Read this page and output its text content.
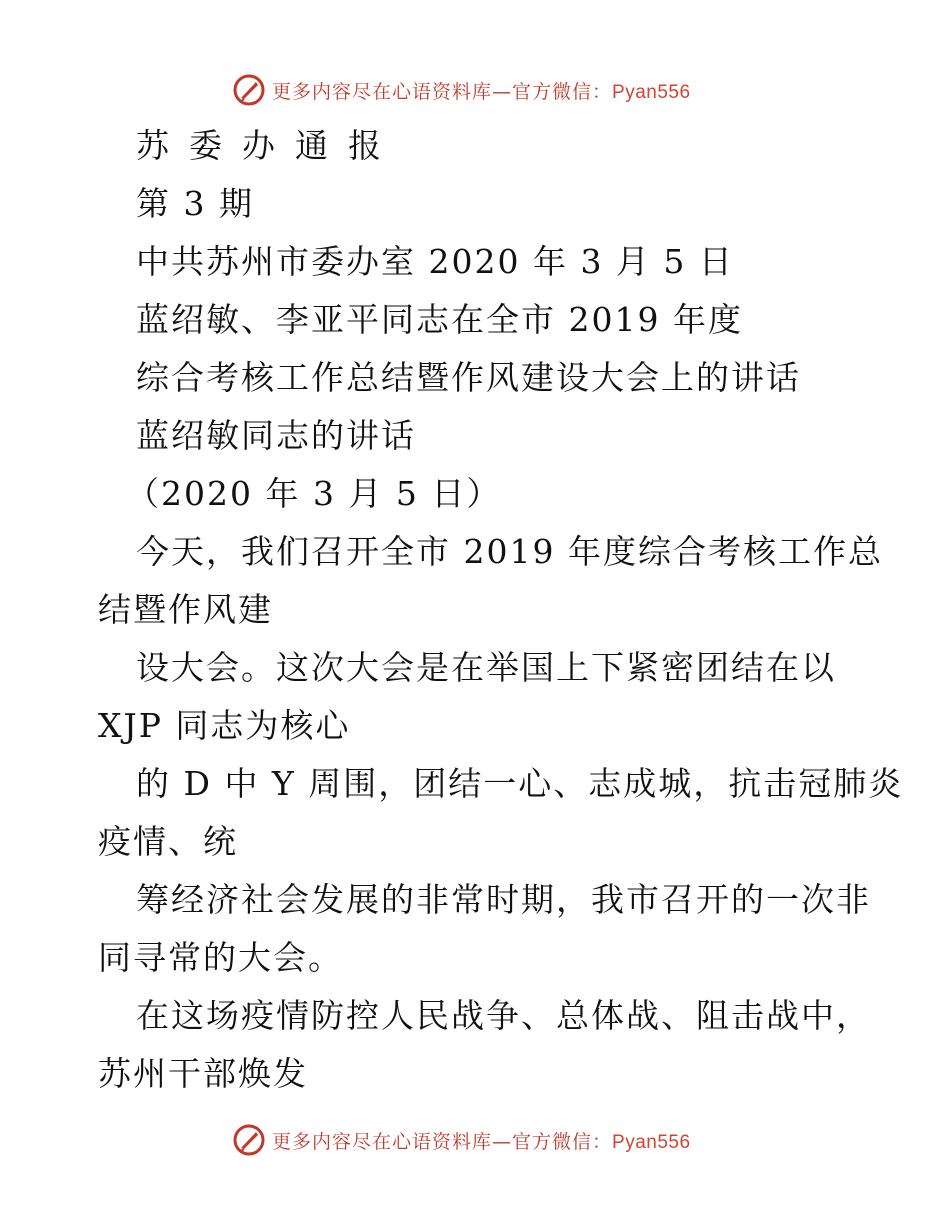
更多内容尽在心语资料库—官方微信：Pyan556
苏委办通报
第 3 期
中共苏州市委办室 2020 年 3 月 5 日
蓝绍敏、李亚平同志在全市 2019 年度
综合考核工作总结暨作风建设大会上的讲话
蓝绍敏同志的讲话
（2020 年 3 月 5 日）
今天，我们召开全市 2019 年度综合考核工作总
结暨作风建
设大会。这次大会是在举国上下紧密团结在以
XJP 同志为核心
的 D 中 Y 周围，团结一心、志成城，抗击冠肺炎
疫情、统
筹经济社会发展的非常时期，我市召开的一次非
同寻常的大会。
在这场疫情防控人民战争、总体战、阻击战中，
苏州干部焕发
更多内容尽在心语资料库—官方微信：Pyan556
